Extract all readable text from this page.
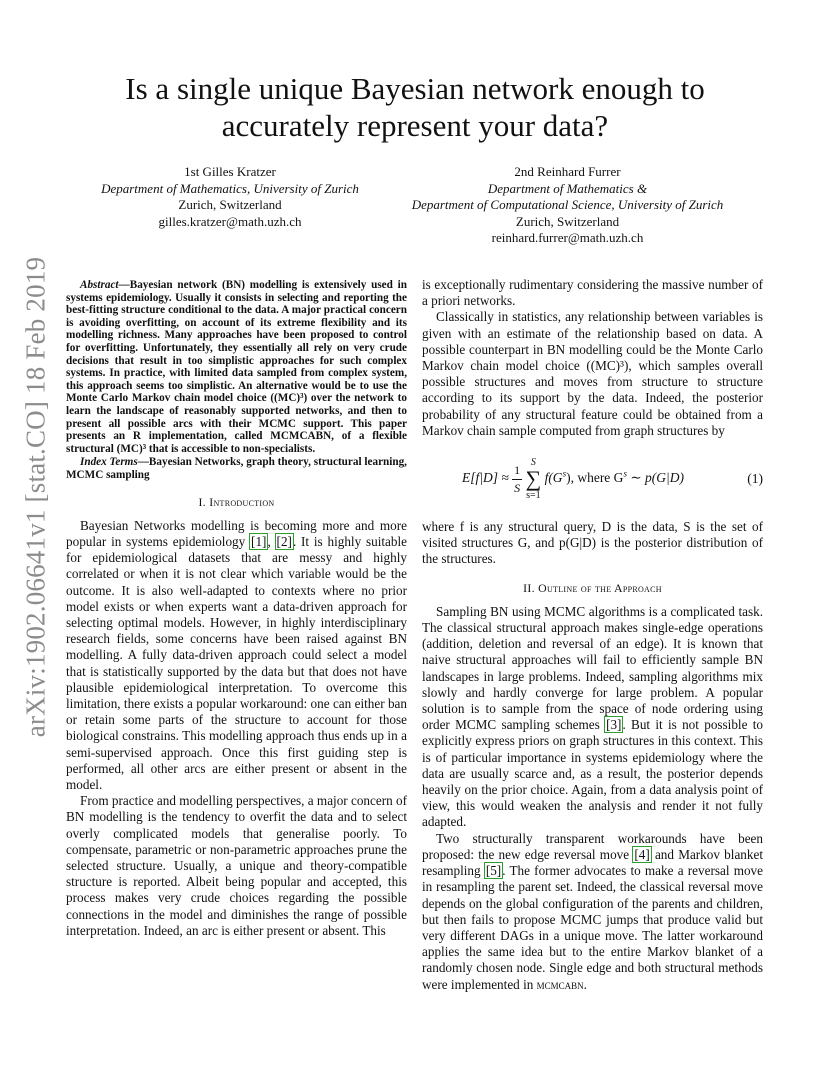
arXiv:1902.06641v1 [stat.CO] 18 Feb 2019
Is a single unique Bayesian network enough to accurately represent your data?
1st Gilles Kratzer
Department of Mathematics, University of Zurich
Zurich, Switzerland
gilles.kratzer@math.uzh.ch
2nd Reinhard Furrer
Department of Mathematics &
Department of Computational Science, University of Zurich
Zurich, Switzerland
reinhard.furrer@math.uzh.ch

Abstract—Bayesian network (BN) modelling is extensively used in systems epidemiology. Usually it consists in selecting and reporting the best-fitting structure conditional to the data. A major practical concern is avoiding overfitting, on account of its extreme flexibility and its modelling richness. Many approaches have been proposed to control for overfitting. Unfortunately, they essentially all rely on very crude decisions that result in too simplistic approaches for such complex systems. In practice, with limited data sampled from complex system, this approach seems too simplistic. An alternative would be to use the Monte Carlo Markov chain model choice ((MC)³) over the network to learn the landscape of reasonably supported networks, and then to present all possible arcs with their MCMC support. This paper presents an R implementation, called MCMCABN, of a flexible structural (MC)³ that is accessible to non-specialists.

Index Terms—Bayesian Networks, graph theory, structural learning, MCMC sampling

I. Introduction

Bayesian Networks modelling is becoming more and more popular in systems epidemiology [1], [2]. It is highly suitable for epidemiological datasets that are messy and highly correlated or when it is not clear which variable would be the outcome. It is also well-adapted to contexts where no prior model exists or when experts want a data-driven approach for selecting optimal models. However, in highly interdisciplinary research fields, some concerns have been raised against BN modelling. A fully data-driven approach could select a model that is statistically supported by the data but that does not have plausible epidemiological interpretation. To overcome this limitation, there exists a popular workaround: one can either ban or retain some parts of the structure to account for those biological constrains. This modelling approach thus ends up in a semi-supervised approach. Once this first guiding step is performed, all other arcs are either present or absent in the model.

From practice and modelling perspectives, a major concern of BN modelling is the tendency to overfit the data and to select overly complicated models that generalise poorly. To compensate, parametric or non-parametric approaches prune the selected structure. Usually, a unique and theory-compatible structure is reported. Albeit being popular and accepted, this process makes very crude choices regarding the possible connections in the model and diminishes the range of possible interpretation. Indeed, an arc is either present or absent. This

is exceptionally rudimentary considering the massive number of a priori networks.

Classically in statistics, any relationship between variables is given with an estimate of the relationship based on data. A possible counterpart in BN modelling could be the Monte Carlo Markov chain model choice ((MC)³), which samples overall possible structures and moves from structure to structure according to its support by the data. Indeed, the posterior probability of any structural feature could be obtained from a Markov chain sample computed from graph structures by

$E[f|D] \approx \frac{1}{S}$ S
∑
s=1 $f(G^s)$, where $G^s$ ∼ p(G|D)	(1)

where f is any structural query, D is the data, S is the set of visited structures G, and p(G|D) is the posterior distribution of the structures.

II. Outline of the Approach

Sampling BN using MCMC algorithms is a complicated task. The classical structural approach makes single-edge operations (addition, deletion and reversal of an edge). It is known that naive structural approaches will fail to efficiently sample BN landscapes in large problems. Indeed, sampling algorithms mix slowly and hardly converge for large problem. A popular solution is to sample from the space of node ordering using order MCMC sampling schemes [3]. But it is not possible to explicitly express priors on graph structures in this context. This is of particular importance in systems epidemiology where the data are usually scarce and, as a result, the posterior depends heavily on the prior choice. Again, from a data analysis point of view, this would weaken the analysis and render it not fully adapted.

Two structurally transparent workarounds have been proposed: the new edge reversal move [4] and Markov blanket resampling [5]. The former advocates to make a reversal move in resampling the parent set. Indeed, the classical reversal move depends on the global configuration of the parents and children, but then fails to propose MCMC jumps that produce valid but very different DAGs in a unique move. The latter workaround applies the same idea but to the entire Markov blanket of a randomly chosen node. Single edge and both structural methods were implemented in mcmcabn.
